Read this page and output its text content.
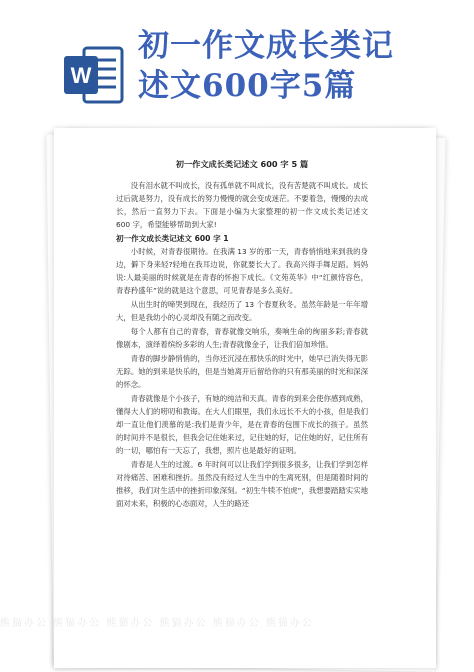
W
初一作文成长类记
述文600字5篇
初一作文成长类记述文 600 字 5 篇

没有泪水就不叫成长，没有孤单就不叫成长，没有苦楚就不叫成长。成长过后就是努力，没有成长的努力慢慢的就会变成迷茫。不要着急，慢慢的去成长，然后一直努力下去。下面是小编为大家整理的初一作文成长类记述文 600 字，希望能够帮助到大家!

初一作文成长类记述文 600 字 1

小时候，对青春很期待。在我满 13 岁的那一天，青春悄悄地来到我的身边，僻下身来轻?轻地在我耳边说，你就要长大了。我高兴得手舞足蹈。妈妈说:人最美丽的时候就是在青春的怀抱下成长。《文苑英华》中“红颜恃容色，青春矜盛年”说的就是这个意思，可见青春是多么美好。

从出生时的啼哭到现在，我经历了 13 个春夏秋冬。虽然年龄是一年年增大，但是我幼小的心灵却没有随之而改变。

每个人都有自己的青春，青春就像交响乐，奏响生命的绚丽多彩;青春就像剧本，演绎着缤纷多彩的人生;青春就像金子，让我们倍加珍惜。

青春的脚步静悄悄的，当你还沉浸在那快乐的时光中，她早已消失得无影无踪。她的到来是快乐的，但是当她离开后留给你的只有那美丽的时光和深深的怀念。

青春就像是个小孩子，有她的纯洁和天真。青春的到来会使你感到成熟，懂得大人们的唠叨和教诲。在大人们眼里，我们永远长不大的小孩，但是我们却一直让他们羡慕的是:我们是青少年，是在青春的包围下成长的孩子。虽然的时间并不是很长，但我会记住她来过，记住她的好，记住她的好，记住所有的一切，哪怕有一天忘了，我想，照片也是最好的证明。

青春是人生的过渡。6 年时间可以让我们学到很多很多，让我们学到怎样对待痛苦、困难和挫折。虽然没有经过人生当中的生离死别，但是随着时间的推移，我们对生活中的挫折印象深刻。“初生牛犊不怕虎”，我想要踏踏实实地面对未来，积极的心态面对，人生的路还

熊猫办公 熊猫办公 熊猫办公 熊猫办公 熊猫办公 熊猫办公
